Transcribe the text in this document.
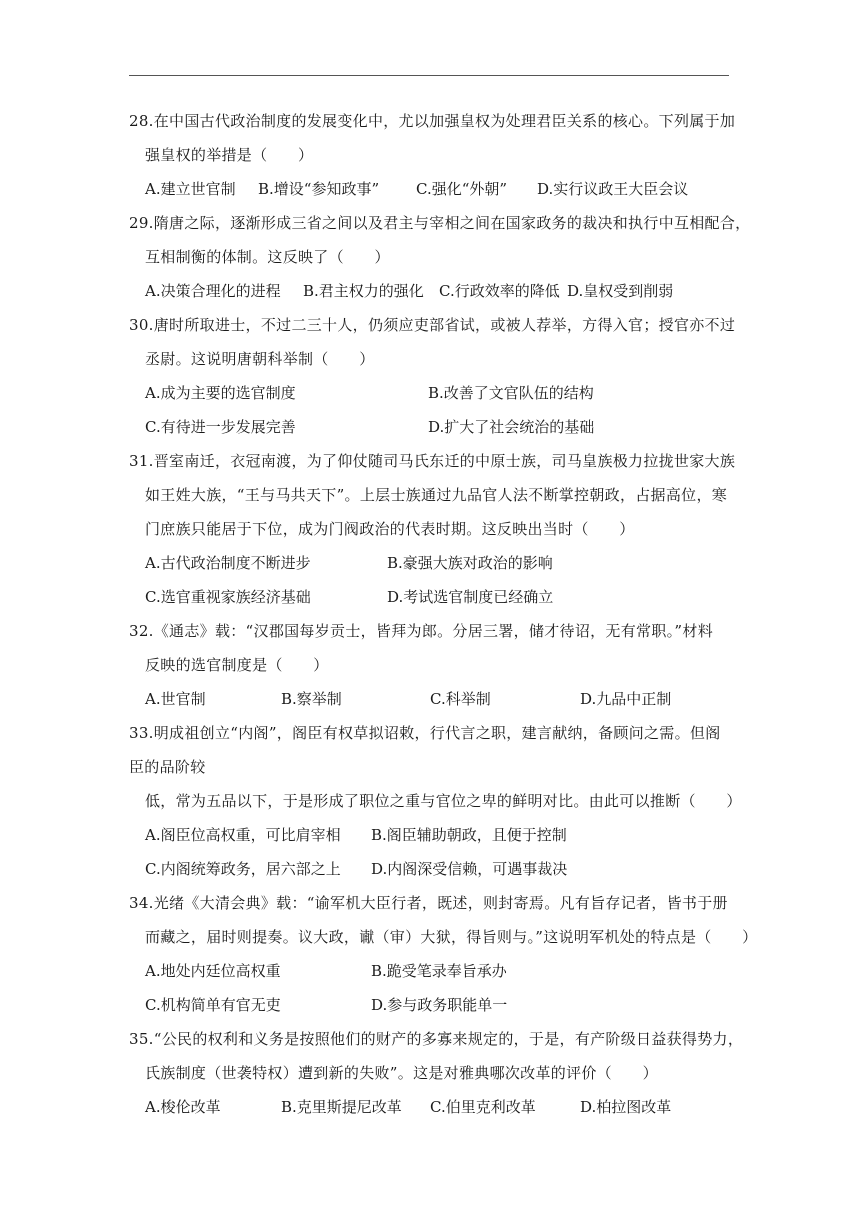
28.在中国古代政治制度的发展变化中，尤以加强皇权为处理君臣关系的核心。下列属于加
强皇权的举措是（　　）
A.建立世官制 B.增设“参知政事” C.强化“外朝” D.实行议政王大臣会议
29.隋唐之际，逐渐形成三省之间以及君主与宰相之间在国家政务的裁决和执行中互相配合，
互相制衡的体制。这反映了（　　）
A.决策合理化的进程 B.君主权力的强化 C.行政效率的降低 D.皇权受到削弱
30.唐时所取进士，不过二三十人，仍须应吏部省试，或被人荐举，方得入官；授官亦不过
丞尉。这说明唐朝科举制（　　）
A.成为主要的选官制度	B.改善了文官队伍的结构
C.有待进一步发展完善	D.扩大了社会统治的基础
31.晋室南迁，衣冠南渡，为了仰仗随司马氏东迁的中原士族，司马皇族极力拉拢世家大族
如王姓大族，“王与马共天下”。上层士族通过九品官人法不断掌控朝政，占据高位，寒
门庶族只能居于下位，成为门阀政治的代表时期。这反映出当时（　　）
A.古代政治制度不断进步	B.豪强大族对政治的影响
C.选官重视家族经济基础	D.考试选官制度已经确立
32.《通志》载：“汉郡国每岁贡士，皆拜为郎。分居三署，储才待诏，无有常职。”材料
反映的选官制度是（　　）
A.世官制	B.察举制	C.科举制	D.九品中正制
33.明成祖创立“内阁”，阁臣有权草拟诏敕，行代言之职，建言献纳，备顾问之需。但阁
臣的品阶较
低，常为五品以下，于是形成了职位之重与官位之卑的鲜明对比。由此可以推断（　　）
A.阁臣位高权重，可比肩宰相 B.阁臣辅助朝政，且便于控制
C.内阁统筹政务，居六部之上 D.内阁深受信赖，可遇事裁决
34.光绪《大清会典》载：“谕军机大臣行者，既述，则封寄焉。凡有旨存记者，皆书于册
而藏之，届时则提奏。议大政，谳（审）大狱，得旨则与。”这说明军机处的特点是（　　）
A.地处内廷位高权重	B.跪受笔录奉旨承办
C.机构简单有官无吏	D.参与政务职能单一
35.“公民的权利和义务是按照他们的财产的多寡来规定的，于是，有产阶级日益获得势力，
氏族制度（世袭特权）遭到新的失败”。这是对雅典哪次改革的评价（　　）
A.梭伦改革	B.克里斯提尼改革 C.伯里克利改革	D.柏拉图改革
